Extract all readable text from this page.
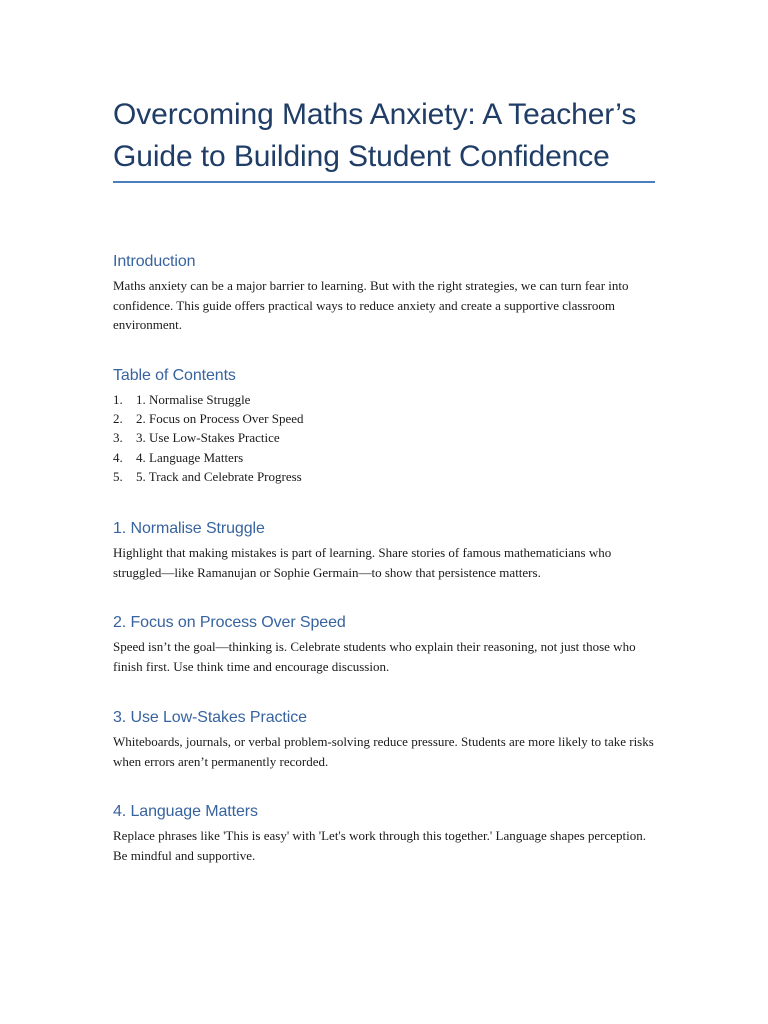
Overcoming Maths Anxiety: A Teacher’s
Guide to Building Student Confidence
Introduction

Maths anxiety can be a major barrier to learning. But with the right strategies, we can turn fear into confidence. This guide offers practical ways to reduce anxiety and create a supportive classroom environment.

Table of Contents
1.	1. Normalise Struggle
2.	2. Focus on Process Over Speed
3.	3. Use Low-Stakes Practice
4.	4. Language Matters
5.	5. Track and Celebrate Progress
1. Normalise Struggle

Highlight that making mistakes is part of learning. Share stories of famous mathematicians who struggled—like Ramanujan or Sophie Germain—to show that persistence matters.

2. Focus on Process Over Speed

Speed isn’t the goal—thinking is. Celebrate students who explain their reasoning, not just those who finish first. Use think time and encourage discussion.

3. Use Low-Stakes Practice

Whiteboards, journals, or verbal problem-solving reduce pressure. Students are more likely to take risks when errors aren’t permanently recorded.

4. Language Matters

Replace phrases like 'This is easy' with 'Let's work through this together.' Language shapes perception. Be mindful and supportive.
